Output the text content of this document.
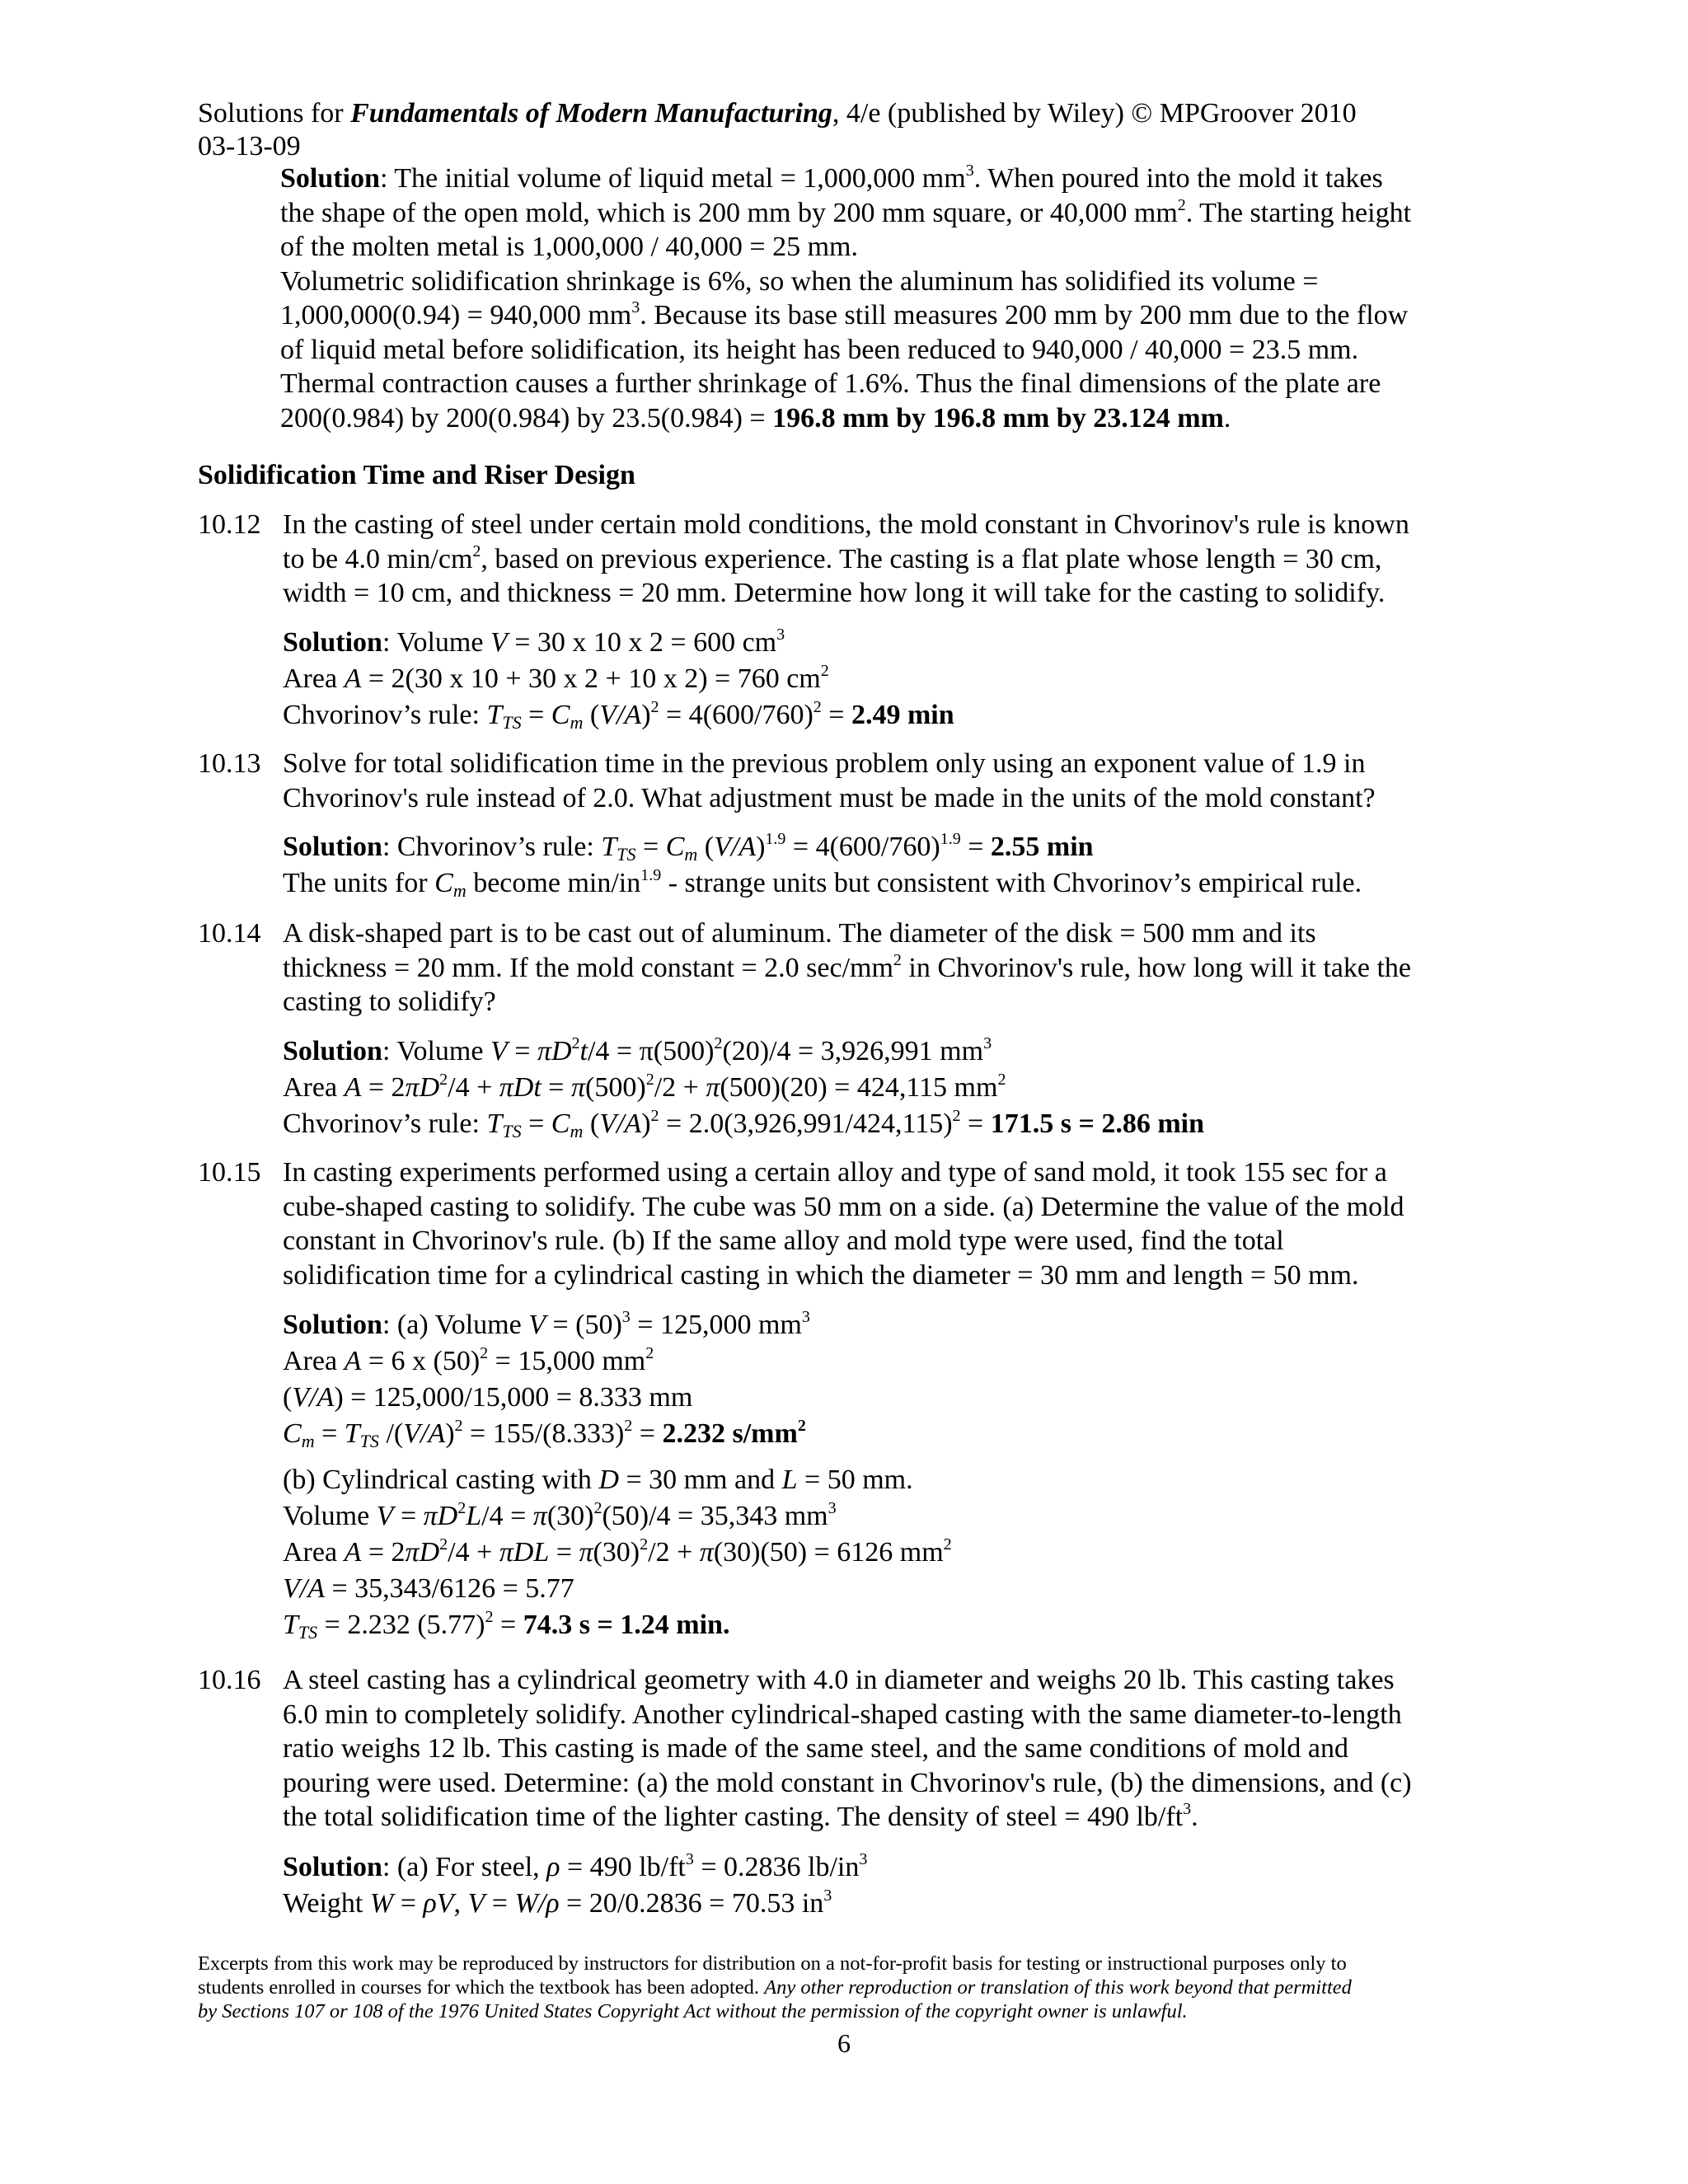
Solutions for Fundamentals of Modern Manufacturing, 4/e (published by Wiley) © MPGroover 2010
03-13-09
Solution: The initial volume of liquid metal = 1,000,000 $mm^3$. When poured into the mold it takes
the shape of the open mold, which is 200 mm by 200 mm square, or 40,000 $mm^2$. The starting height
of the molten metal is 1,000,000 / 40,000 = 25 mm.
Volumetric solidification shrinkage is 6%, so when the aluminum has solidified its volume =
1,000,000(0.94) = 940,000 $mm^3$. Because its base still measures 200 mm by 200 mm due to the flow
of liquid metal before solidification, its height has been reduced to 940,000 / 40,000 = 23.5 mm.
Thermal contraction causes a further shrinkage of 1.6%. Thus the final dimensions of the plate are
200(0.984) by 200(0.984) by 23.5(0.984) = 196.8 mm by 196.8 mm by 23.124 mm.
Solidification Time and Riser Design
10.12 In the casting of steel under certain mold conditions, the mold constant in Chvorinov's rule is known
to be 4.0 $\min/cm^2$, based on previous experience. The casting is a flat plate whose length = 30 cm,
width = 10 cm, and thickness = 20 mm. Determine how long it will take for the casting to solidify.
Solution: Volume V = 30 x 10 x 2 = 600 $cm^3$
Area A = 2(30 x 10 + 30 x 2 + 10 x 2) = 760 $cm^2$
Chvorinov’s rule: $T_{TS} = C_m$ $(V/A)^2 = 4(600/760)^2 = 2.49$ min
10.13 Solve for total solidification time in the previous problem only using an exponent value of 1.9 in
Chvorinov's rule instead of 2.0. What adjustment must be made in the units of the mold constant?
Solution: Chvorinov’s rule: $T_{TS} = C_m$ $(V/A)^{1.9} = 4(600/760)^{1.9} = 2.55$ min
The units for $C_m$ become $\min/in^{1.9}$ - strange units but consistent with Chvorinov’s empirical rule.
10.14 A disk-shaped part is to be cast out of aluminum. The diameter of the disk = 500 mm and its
thickness = 20 mm. If the mold constant = 2.0 $\sec/mm^2$ in Chvorinov's rule, how long will it take the
casting to solidify?
Solution: Volume $V = \pi D^2t/4 = \pi(500)^2(20)/4 = 3,926,991$ $mm^3$
Area $A = 2\pi D^2/4 + \pi Dt = \pi(500)^2/2 + \pi(500)(20) = 424,115$ $mm^2$
Chvorinov’s rule: $T_{TS} = C_m$ $(V/A)^2 = 2.0(3,926,991/424,115)^2 = 171.5$ s = 2.86 min
10.15 In casting experiments performed using a certain alloy and type of sand mold, it took 155 sec for a
cube-shaped casting to solidify. The cube was 50 mm on a side. (a) Determine the value of the mold
constant in Chvorinov's rule. (b) If the same alloy and mold type were used, find the total
solidification time for a cylindrical casting in which the diameter = 30 mm and length = 50 mm.
Solution: (a) Volume $V = (50)^3 = 125,000$ $mm^3$
Area A = 6 x $(50)^2 = 15,000$ $mm^2$
(V/A) = 125,000/15,000 = 8.333 mm
$C_m = T_{TS}$ $/(V/A)^2 = 155/(8.333)^2 = 2.232$ $s/mm^2$
(b) Cylindrical casting with D = 30 mm and L = 50 mm.
Volume $V = \pi D^2L/4 = \pi(30)^2(50)/4 = 35,343$ $mm^3$
Area $A = 2\pi D^2/4 + \pi DL = \pi(30)^2/2 + \pi(30)(50) = 6126$ $mm^2$
V/A = 35,343/6126 = 5.77
$T_{TS} = 2.232$ $(5.77)^2 = 74.3$ s = 1.24 min.
10.16 A steel casting has a cylindrical geometry with 4.0 in diameter and weighs 20 lb. This casting takes
6.0 min to completely solidify. Another cylindrical-shaped casting with the same diameter-to-length
ratio weighs 12 lb. This casting is made of the same steel, and the same conditions of mold and
pouring were used. Determine: (a) the mold constant in Chvorinov's rule, (b) the dimensions, and (c)
the total solidification time of the lighter casting. The density of steel = 490 $lb/ft^3$.
Solution: (a) For steel, ρ = 490 $lb/ft^3 = 0.2836$ $lb/in^3$
Weight W = ρV, V = W/ρ = 20/0.2836 = 70.53 $in^3$
Excerpts from this work may be reproduced by instructors for distribution on a not-for-profit basis for testing or instructional purposes only to
students enrolled in courses for which the textbook has been adopted. Any other reproduction or translation of this work beyond that permitted
by Sections 107 or 108 of the 1976 United States Copyright Act without the permission of the copyright owner is unlawful.
6
